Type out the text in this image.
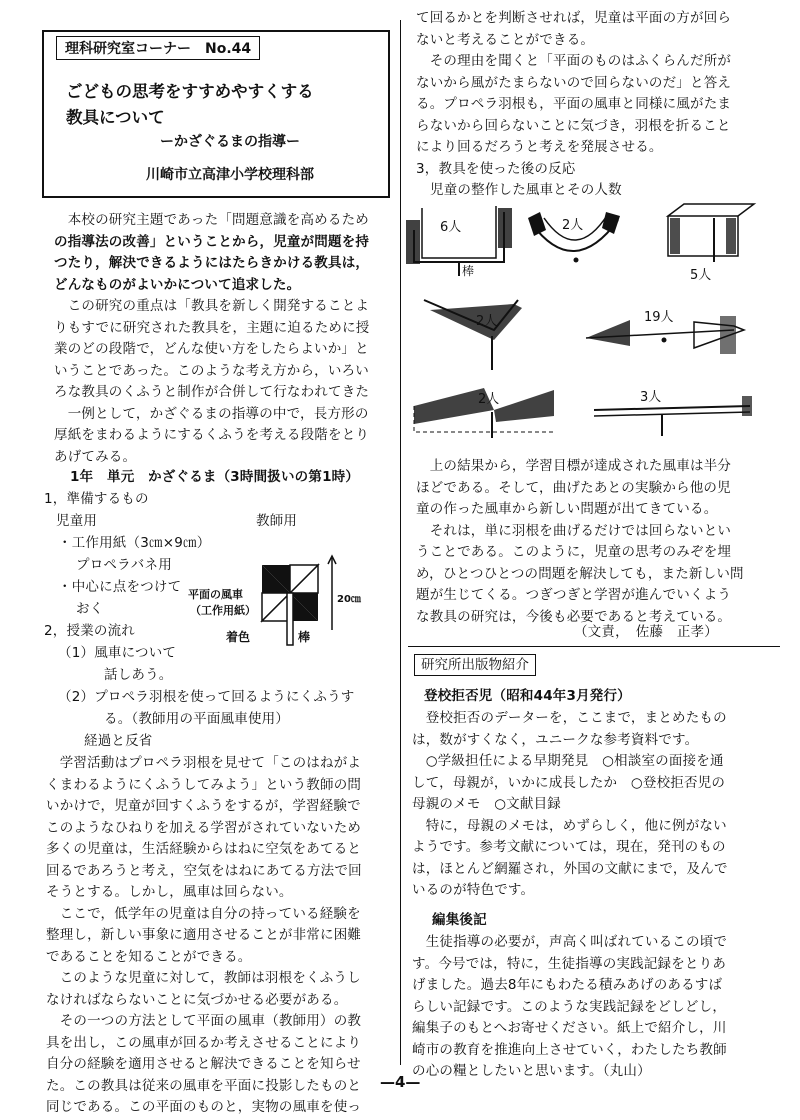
理科研究室コーナー　No.44
ごどもの思考をすすめやすくする
教具について
ーかざぐるまの指導ー
川崎市立高津小学校理科部

　本校の研究主題であった「問題意識を高めるため

の指導法の改善」ということから，児童が問題を持

つたり，解決できるようにはたらきかける教具は，

どんなものがよいかについて追求した。

　この研究の重点は「教具を新しく開発することよ

りもすでに研究された教具を，主題に迫るために授

業のどの段階で，どんな使い方をしたらよいか」と

いうことであった。このような考え方から，いろい

ろな教具のくふうと制作が合併して行なわれてきた

　一例として，かざぐるまの指導の中で，長方形の

厚紙をまわるようにするくふうを考える段階をとり

あげてみる。

1年　単元　かざぐるま（3時間扱いの第1時）
1，準備するもの
児童用	教師用
・工作用紙（3㎝×9㎝）
プロペラバネ用
・中心に点をつけて
おく
2，授業の流れ
（1）風車について
話しあう。
（2）プロペラ羽根を使って回るようにくふうす
る。（教師用の平面風車使用）
経過と反省
平面の風車
（工作用紙）
着色	棒
20㎝

　学習活動はプロペラ羽根を見せて「このはねがよ

くまわるようにくふうしてみよう」という教師の問

いかけで，児童が回すくふうをするが，学習経験で

このようなひねりを加える学習がされていないため

多くの児童は，生活経験からはねに空気をあてると

回るであろうと考え，空気をはねにあてる方法で回

そうとする。しかし，風車は回らない。

　ここで，低学年の児童は自分の持っている経験を

整理し，新しい事象に適用させることが非常に困難

であることを知ることができる。

　このような児童に対して，教師は羽根をくふうし

なければならないことに気づかせる必要がある。

　その一つの方法として平面の風車（教師用）の教

具を出し，この風車が回るか考えさせることにより

自分の経験を適用させると解決できることを知らせ

た。この教具は従来の風車を平面に投影したものと

同じである。この平面のものと，実物の風車を使っ

て回るかとを判断させれば，児童は平面の方が回ら

ないと考えることができる。

　その理由を聞くと「平面のものはふくらんだ所が

ないから風がたまらないので回らないのだ」と答え

る。プロペラ羽根も，平面の風車と同様に風がたま

らないから回らないことに気づき，羽根を折ること

により回るだろうと考えを発展させる。

3，教具を使った後の反応

児童の整作した風車とその人数

6人	2人
5人
2人	19人
2人	3人
棒

　上の結果から，学習目標が達成された風車は半分

ほどである。そして，曲げたあとの実験から他の児

童の作った風車から新しい問題が出てきている。

　それは，単に羽根を曲げるだけでは回らないとい

うことである。このように，児童の思考のみぞを埋

め，ひとつひとつの問題を解決しても，また新しい問

題が生じてくる。つぎつぎと学習が進んでいくよう

な教具の研究は，今後も必要であると考えている。

（文責，　佐藤　正孝）
研究所出版物紹介
登校拒否児（昭和44年3月発行）

　登校拒否のデーターを，ここまで，まとめたもの

は，数がすくなく，ユニークな参考資料です。

　○学級担任による早期発見　○相談室の面接を通

して，母親が，いかに成長したか　○登校拒否児の

母親のメモ　○文献目録

　特に，母親のメモは，めずらしく，他に例がない

ようです。参考文献については，現在，発刊のもの

は，ほとんど網羅され，外国の文献にまで，及んで

いるのが特色です。

編集後記

　生徒指導の必要が，声高く叫ばれているこの頃で

す。今号では，特に，生徒指導の実践記録をとりあ

げました。過去8年にもわたる積みあげのあるすば

らしい記録です。このような実践記録をどしどし，

編集子のもとへお寄せください。紙上で紹介し，川

崎市の教育を推進向上させていく，わたしたち教師

の心の糧としたいと思います。（丸山）

—4—
